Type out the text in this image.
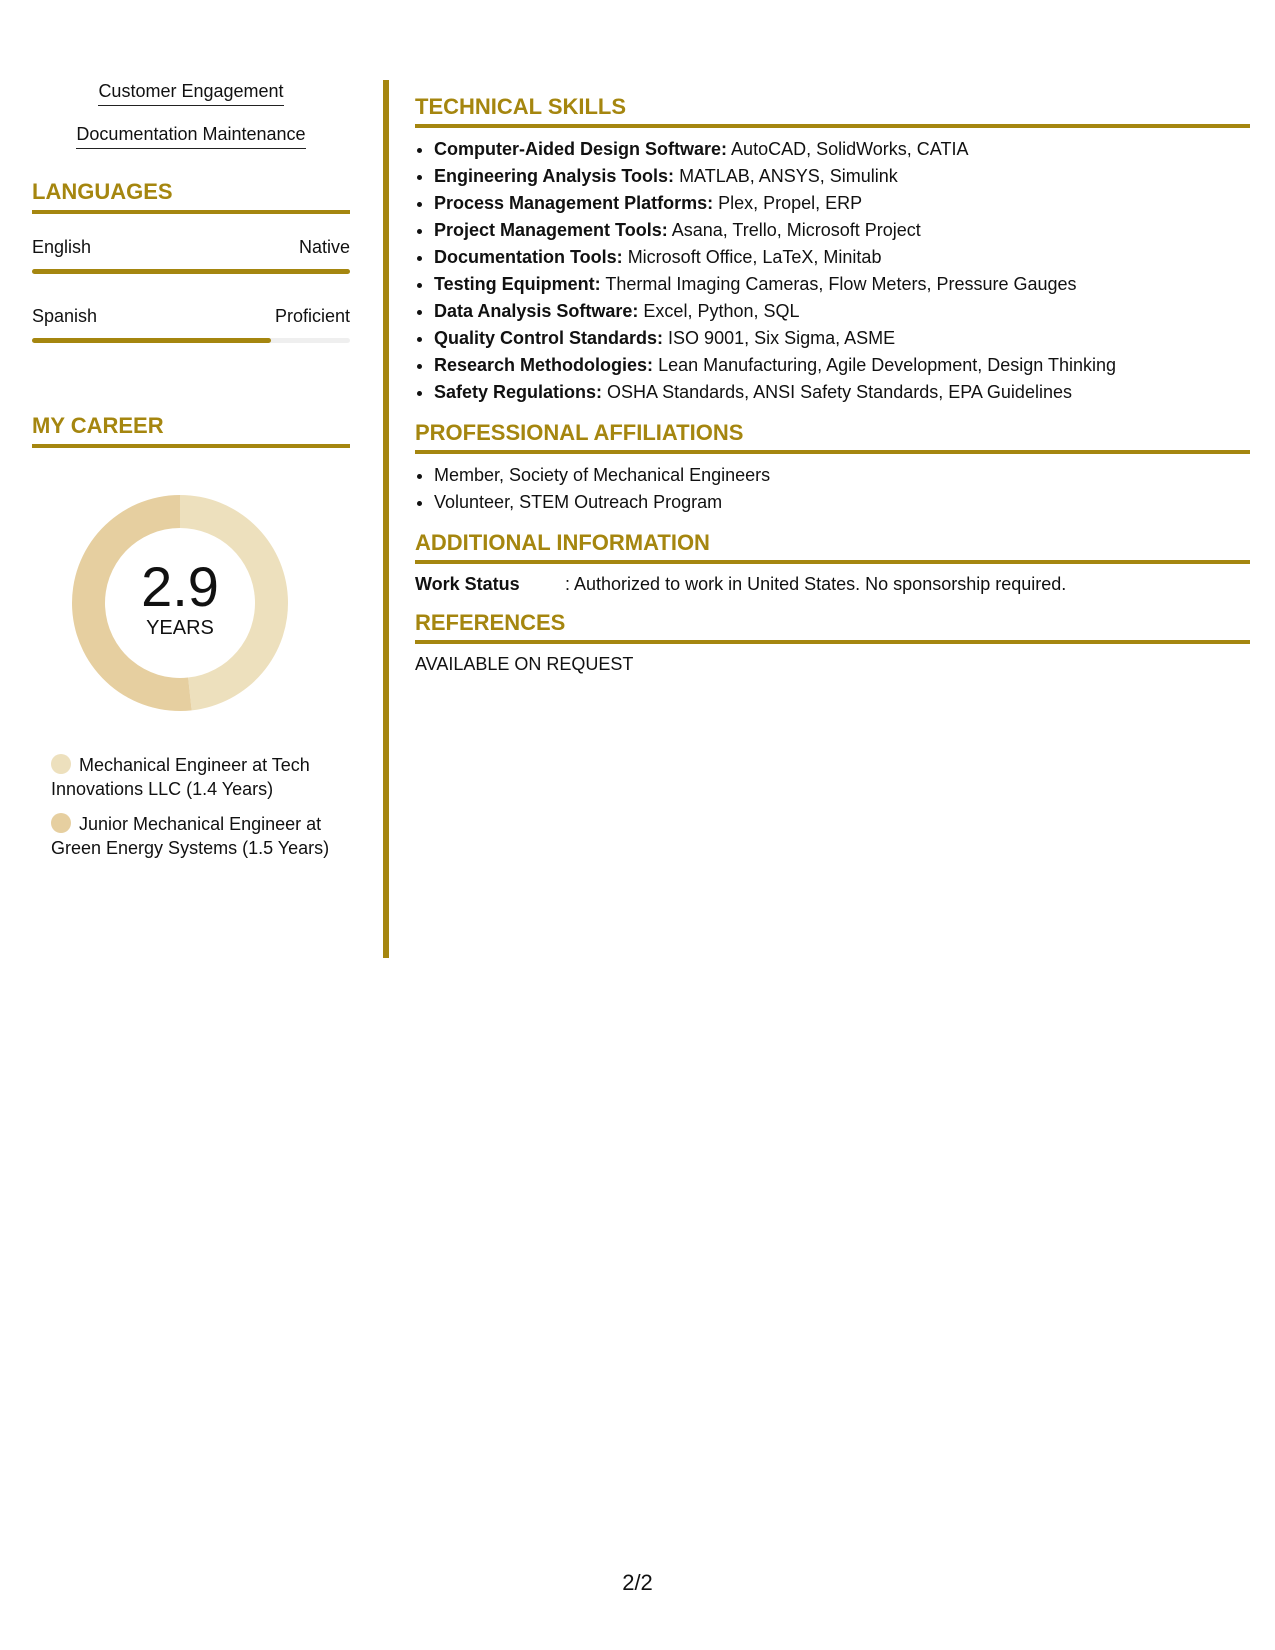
Customer Engagement
Documentation Maintenance
LANGUAGES
English	Native
Spanish	Proficient
MY CAREER
2.9
YEARS
Mechanical Engineer at Tech Innovations LLC (1.4 Years)
Junior Mechanical Engineer at Green Energy Systems (1.5 Years)
TECHNICAL SKILLS
• Computer-Aided Design Software: AutoCAD, SolidWorks, CATIA
• Engineering Analysis Tools: MATLAB, ANSYS, Simulink
• Process Management Platforms: Plex, Propel, ERP
• Project Management Tools: Asana, Trello, Microsoft Project
• Documentation Tools: Microsoft Office, LaTeX, Minitab
• Testing Equipment: Thermal Imaging Cameras, Flow Meters, Pressure Gauges
• Data Analysis Software: Excel, Python, SQL
• Quality Control Standards: ISO 9001, Six Sigma, ASME
• Research Methodologies: Lean Manufacturing, Agile Development, Design Thinking
• Safety Regulations: OSHA Standards, ANSI Safety Standards, EPA Guidelines
PROFESSIONAL AFFILIATIONS
• Member, Society of Mechanical Engineers
• Volunteer, STEM Outreach Program
ADDITIONAL INFORMATION
Work Status	: Authorized to work in United States. No sponsorship required.
REFERENCES
AVAILABLE ON REQUEST
2/2
